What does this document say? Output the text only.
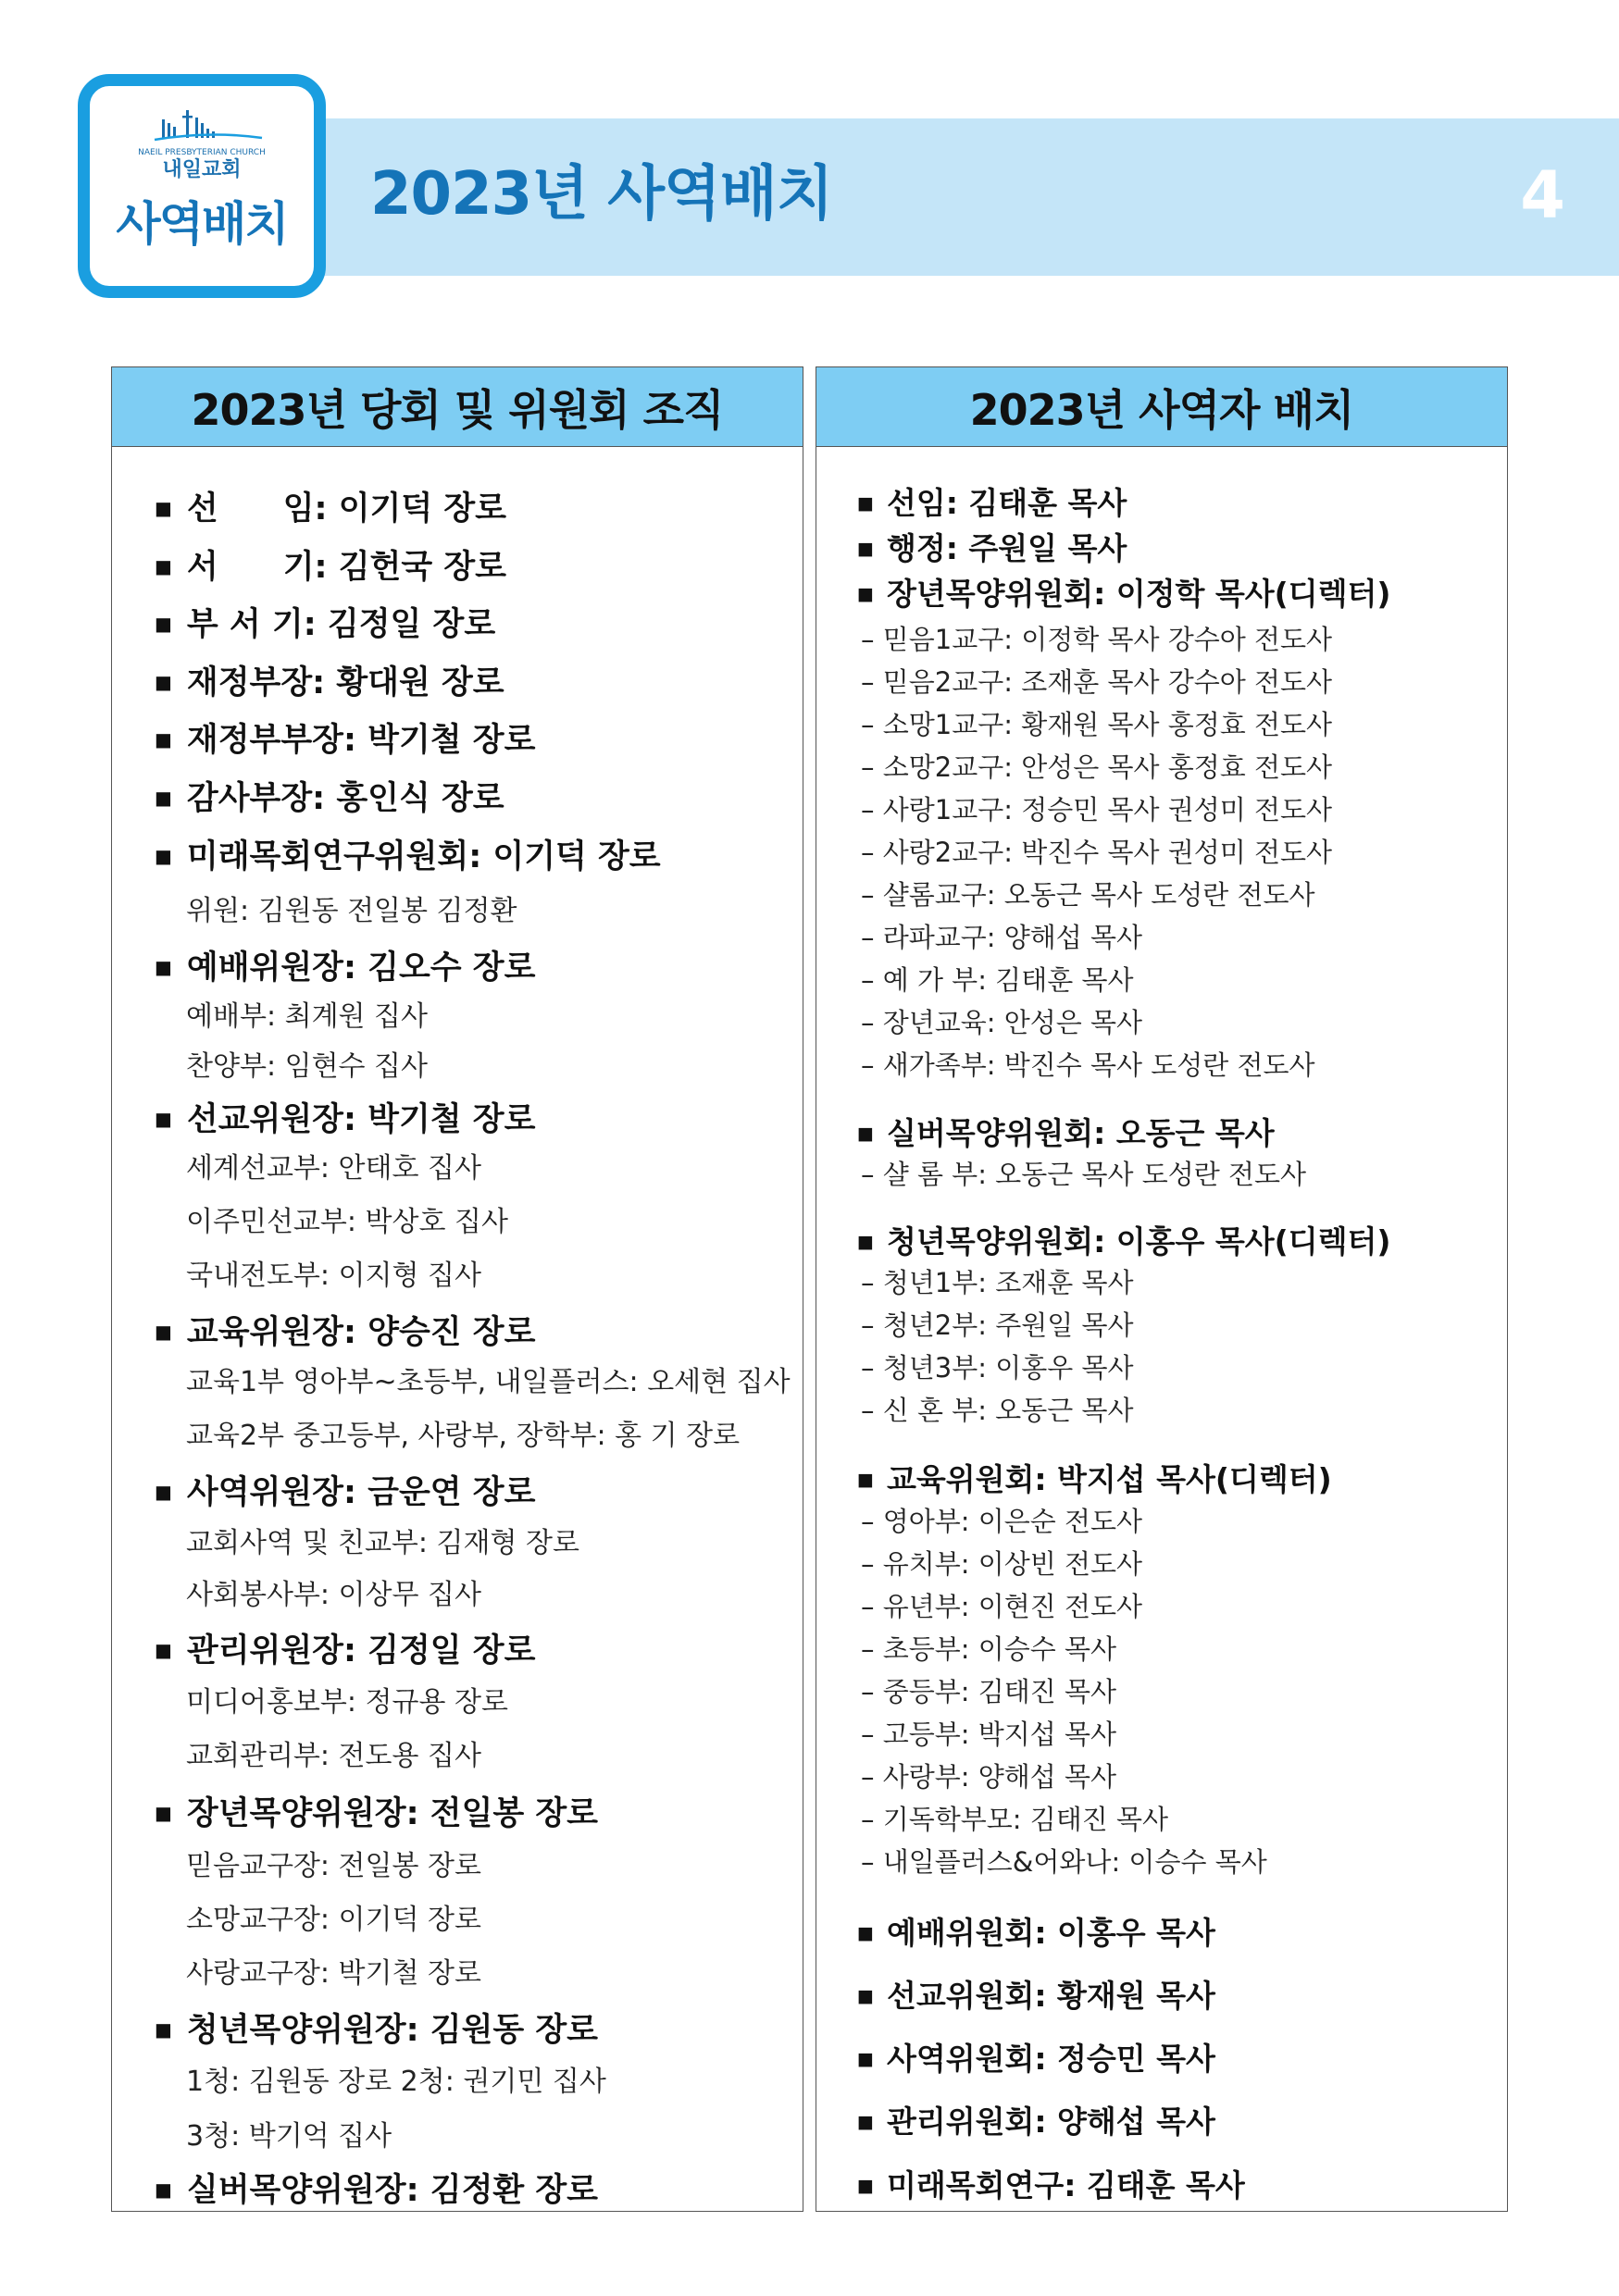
2023년 사역배치	4
NAEIL PRESBYTERIAN CHURCH
내일교회
사역배치
2023년 당회 및 위원회 조직
■ 선　　임: 이기덕 장로
■ 서　　기: 김헌국 장로
■ 부 서 기: 김정일 장로
■ 재정부장: 황대원 장로
■ 재정부부장: 박기철 장로
■ 감사부장: 홍인식 장로
■ 미래목회연구위원회: 이기덕 장로
위원: 김원동 전일봉 김정환
■ 예배위원장: 김오수 장로
예배부: 최계원 집사
찬양부: 임현수 집사
■ 선교위원장: 박기철 장로
세계선교부: 안태호 집사
이주민선교부: 박상호 집사
국내전도부: 이지형 집사
■ 교육위원장: 양승진 장로
교육1부 영아부~초등부, 내일플러스: 오세현 집사
교육2부 중고등부, 사랑부, 장학부: 홍 기 장로
■ 사역위원장: 금운연 장로
교회사역 및 친교부: 김재형 장로
사회봉사부: 이상무 집사
■ 관리위원장: 김정일 장로
미디어홍보부: 정규용 장로
교회관리부: 전도용 집사
■ 장년목양위원장: 전일봉 장로
믿음교구장: 전일봉 장로
소망교구장: 이기덕 장로
사랑교구장: 박기철 장로
■ 청년목양위원장: 김원동 장로
1청: 김원동 장로 2청: 권기민 집사
3청: 박기억 집사
■ 실버목양위원장: 김정환 장로
2023년 사역자 배치
■ 선임: 김태훈 목사
■ 행정: 주원일 목사
■ 장년목양위원회: 이정학 목사(디렉터)
– 믿음1교구: 이정학 목사 강수아 전도사
– 믿음2교구: 조재훈 목사 강수아 전도사
– 소망1교구: 황재원 목사 홍정효 전도사
– 소망2교구: 안성은 목사 홍정효 전도사
– 사랑1교구: 정승민 목사 권성미 전도사
– 사랑2교구: 박진수 목사 권성미 전도사
– 샬롬교구: 오동근 목사 도성란 전도사
– 라파교구: 양해섭 목사
– 예 가 부: 김태훈 목사
– 장년교육: 안성은 목사
– 새가족부: 박진수 목사 도성란 전도사
■ 실버목양위원회: 오동근 목사
– 샬 롬 부: 오동근 목사 도성란 전도사
■ 청년목양위원회: 이홍우 목사(디렉터)
– 청년1부: 조재훈 목사
– 청년2부: 주원일 목사
– 청년3부: 이홍우 목사
– 신 혼 부: 오동근 목사
■ 교육위원회: 박지섭 목사(디렉터)
– 영아부: 이은순 전도사
– 유치부: 이상빈 전도사
– 유년부: 이현진 전도사
– 초등부: 이승수 목사
– 중등부: 김태진 목사
– 고등부: 박지섭 목사
– 사랑부: 양해섭 목사
– 기독학부모: 김태진 목사
– 내일플러스&어와나: 이승수 목사
■ 예배위원회: 이홍우 목사
■ 선교위원회: 황재원 목사
■ 사역위원회: 정승민 목사
■ 관리위원회: 양해섭 목사
■ 미래목회연구: 김태훈 목사
